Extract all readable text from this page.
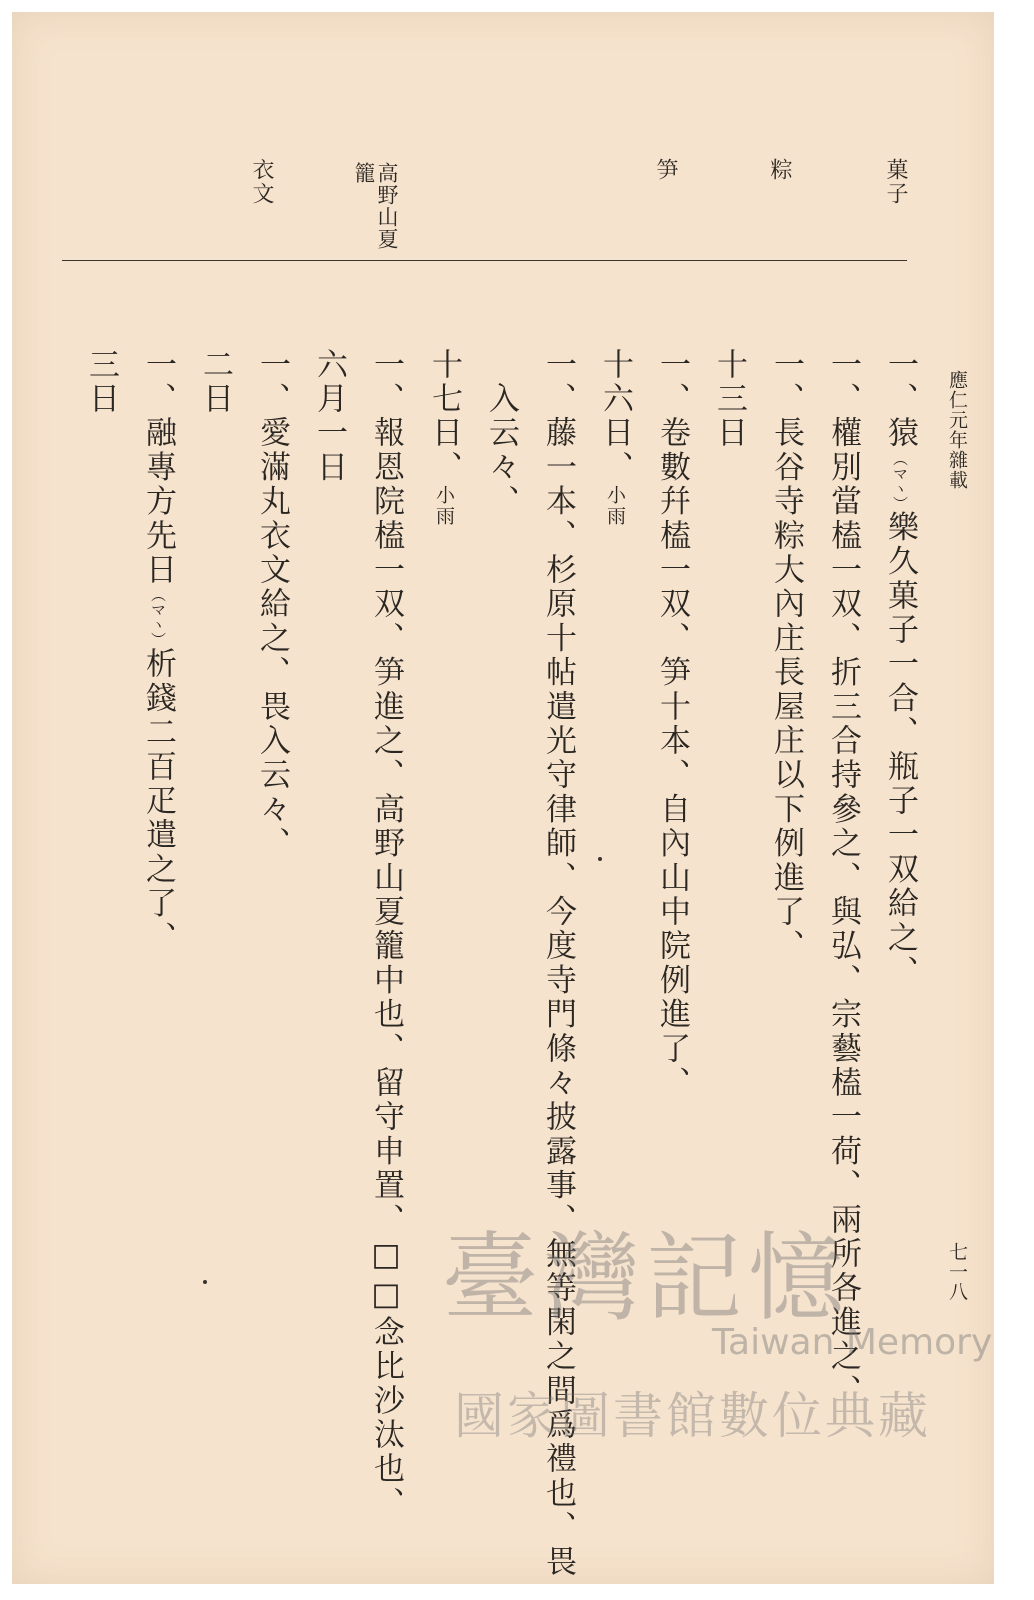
應仁元年雜載
七一八
菓子
粽
笋
高野山夏
籠
衣文
一、猿（マヽ）樂久菓子一合、瓶子一双給之、
一、權別當榼一双、折三合持參之、與弘、宗藝榼一荷、兩所各進之、
一、長谷寺粽大內庄長屋庄以下例進了、
十三日
一、卷數幷榼一双、笋十本、自內山中院例進了、
十六日、小雨
一、藤一本、杉原十帖遣光守律師、今度寺門條々披露事、無等閑之間爲禮也、畏
入云々、
十七日、小雨
一、報恩院榼一双、笋進之、高野山夏籠中也、留守申置、□□念比沙汰也、
六月一日
一、愛滿丸衣文給之、畏入云々、
二日
一、融專方先日（マヽ）析錢二百疋遣之了、
三日
臺灣記憶
Taiwan Memory
國家圖書館數位典藏
